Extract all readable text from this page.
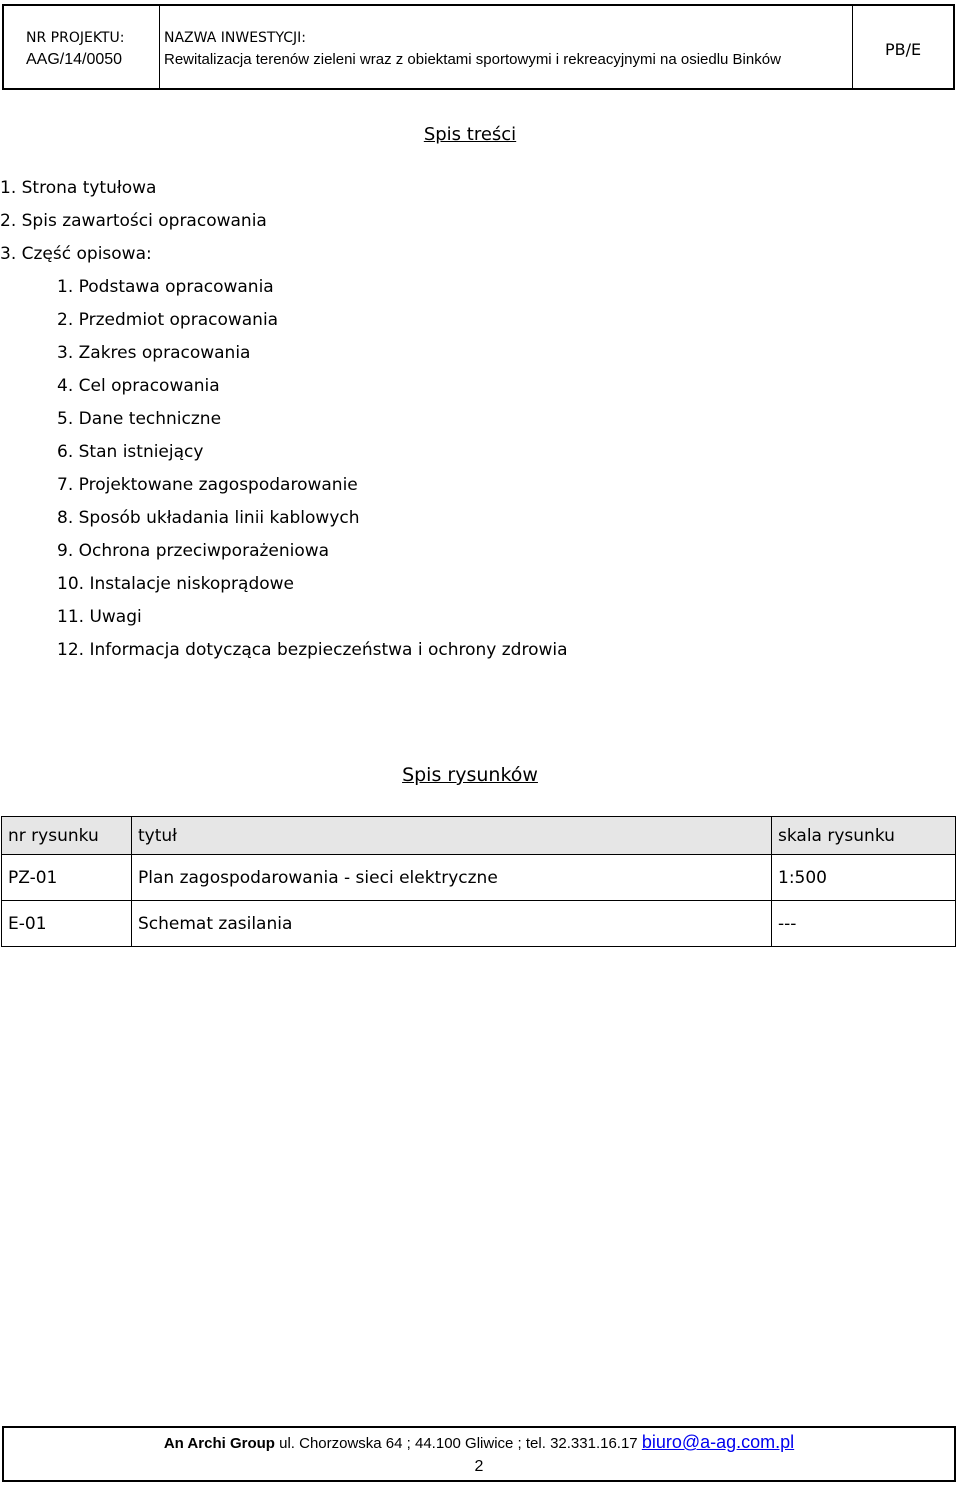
NR PROJEKTU:
AAG/14/0050
NAZWA INWESTYCJI:
Rewitalizacja terenów zieleni wraz z obiektami sportowymi i rekreacyjnymi na osiedlu Binków
PB/E
Spis treści
1. Strona tytułowa
2. Spis zawartości opracowania
3. Część opisowa:
1. Podstawa opracowania
2. Przedmiot opracowania
3. Zakres opracowania
4. Cel opracowania
5. Dane techniczne
6. Stan istniejący
7. Projektowane zagospodarowanie
8. Sposób układania linii kablowych
9. Ochrona przeciwporażeniowa
10. Instalacje niskoprądowe
11. Uwagi
12. Informacja dotycząca bezpieczeństwa i ochrony zdrowia
Spis rysunków
nr rysunku	tytuł	skala rysunku
PZ-01	Plan zagospodarowania - sieci elektryczne	1:500
E-01	Schemat zasilania	---
An Archi Group ul. Chorzowska 64 ; 44.100 Gliwice ; tel. 32.331.16.17 biuro@a-ag.com.pl
2
